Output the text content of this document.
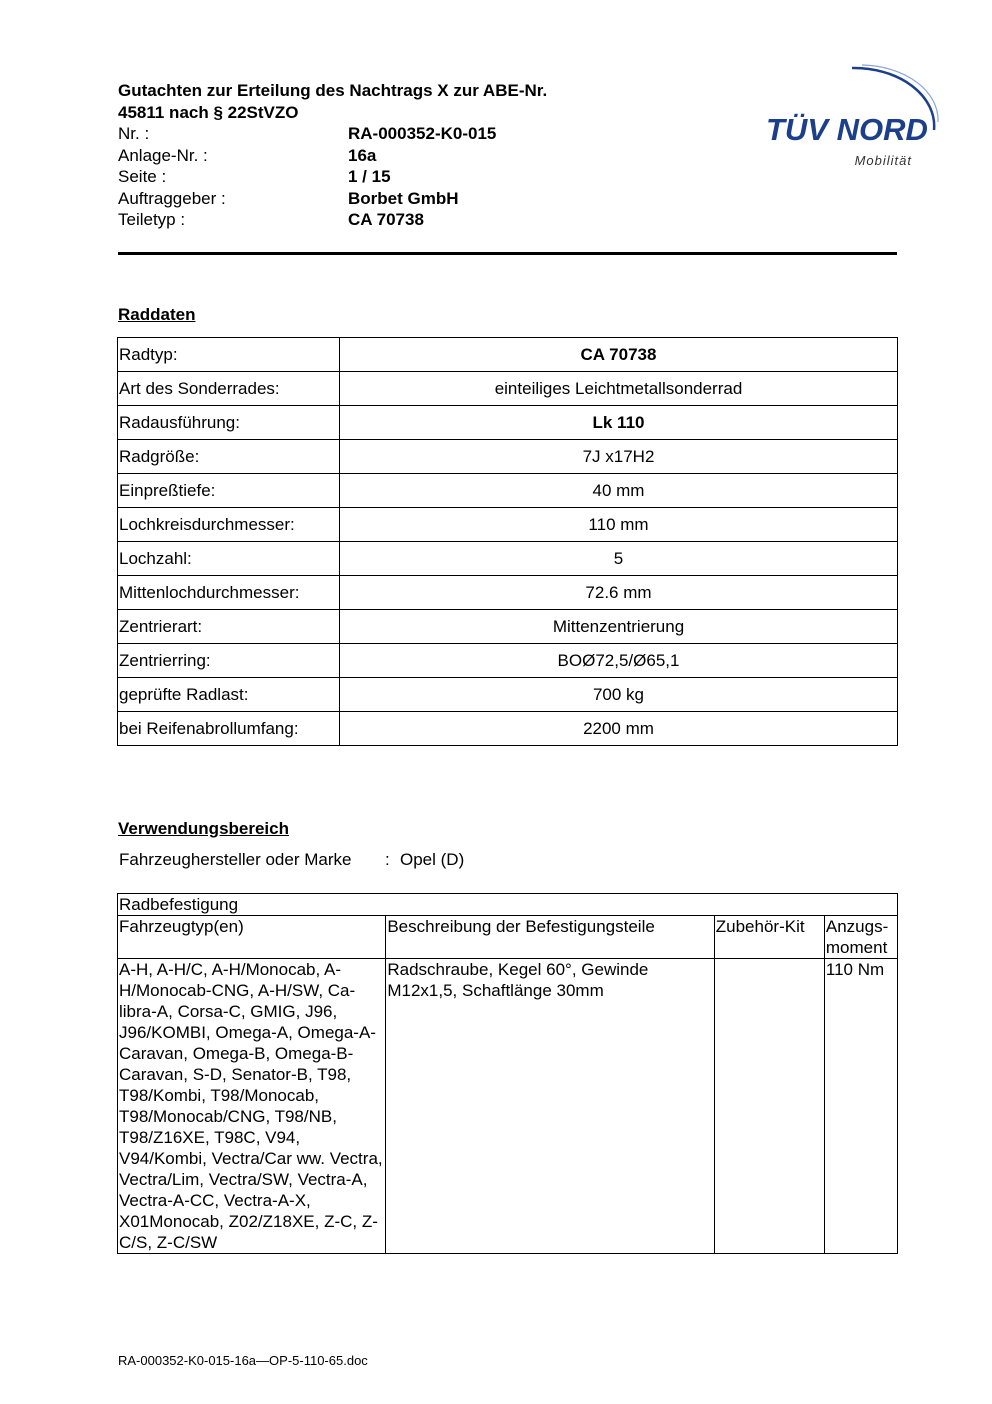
Gutachten zur Erteilung des Nachtrags X zur ABE-Nr. 45811 nach § 22StVZO
Nr. :	RA-000352-K0-015
Anlage-Nr. :	16a
Seite :	1 / 15
Auftraggeber :	Borbet GmbH
Teiletyp :	CA 70738
TÜV NORD
Mobilität
Raddaten
Radtyp:	CA 70738
Art des Sonderrades:	einteiliges Leichtmetallsonderrad
Radausführung:	Lk 110
Radgröße:	7J x17H2
Einpreßtiefe:	40 mm
Lochkreisdurchmesser:	110 mm
Lochzahl:	5
Mittenlochdurchmesser:	72.6 mm
Zentrierart:	Mittenzentrierung
Zentrierring:	BOØ72,5/Ø65,1
geprüfte Radlast:	700 kg
bei Reifenabrollumfang:	2200 mm
Verwendungsbereich
Fahrzeughersteller oder Marke : Opel (D)
Radbefestigung			
Fahrzeugtyp(en)	Beschreibung der Befestigungsteile	Zubehör-Kit	Anzugs-
moment
A-H, A-H/C, A-H/Monocab, A-H/Monocab-CNG, A-H/SW, Ca-libra-A, Corsa-C, GMIG, J96, J96/KOMBI, Omega-A, Omega-A-Caravan, Omega-B, Omega-B-Caravan, S-D, Senator-B, T98, T98/Kombi, T98/Monocab, T98/Monocab/CNG, T98/NB, T98/Z16XE, T98C, V94, V94/Kombi, Vectra/Car ww. Vectra, Vectra/Lim, Vectra/SW, Vectra-A, Vectra-A-CC, Vectra-A-X, X01Monocab, Z02/Z18XE, Z-C, Z-C/S, Z-C/SW	Radschraube, Kegel 60°, Gewinde M12x1,5, Schaftlänge 30mm		110 Nm
RA-000352-K0-015-16a—OP-5-110-65.doc
